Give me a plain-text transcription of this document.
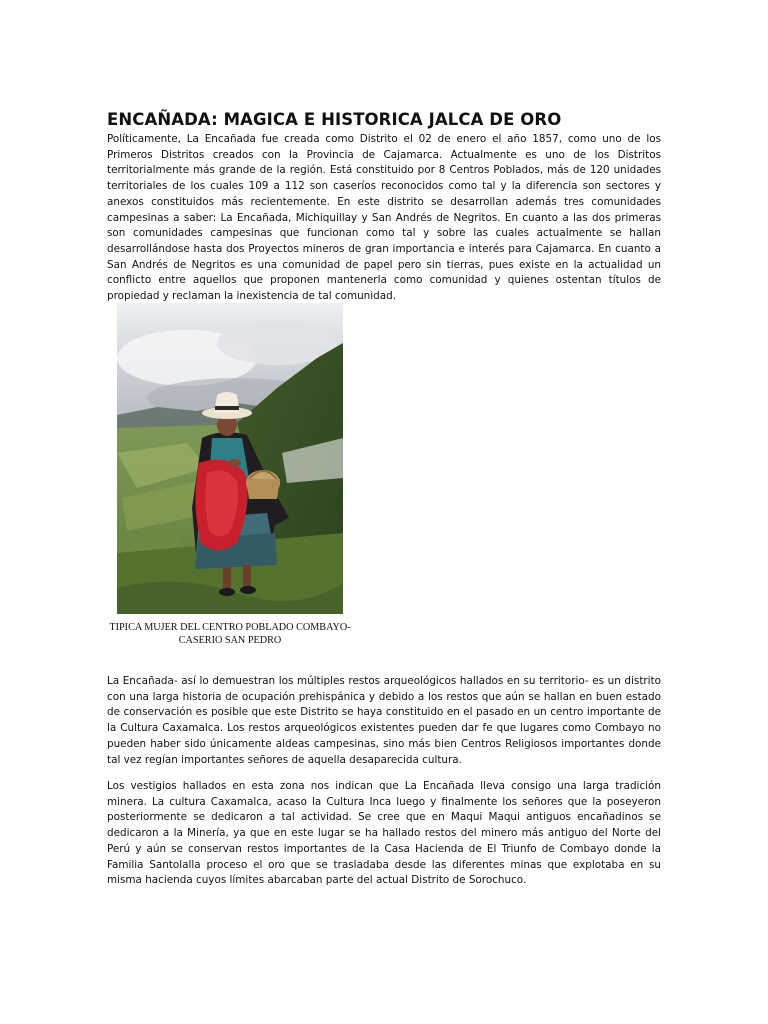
ENCAÑADA: MAGICA E HISTORICA JALCA DE ORO

Políticamente, La Encañada fue creada como Distrito el 02 de enero el año 1857, como uno de los Primeros Distritos creados con la Provincia de Cajamarca. Actualmente es uno de los Distritos territorialmente más grande de la región. Está constituido por 8 Centros Poblados, más de 120 unidades territoriales de los cuales 109 a 112 son caseríos reconocidos como tal y la diferencia son sectores y anexos constituidos más recientemente. En este distrito se desarrollan además tres comunidades campesinas a saber: La Encañada, Michiquillay y San Andrés de Negritos. En cuanto a las dos primeras son comunidades campesinas que funcionan como tal y sobre las cuales actualmente se hallan desarrollándose hasta dos Proyectos mineros de gran importancia e interés para Cajamarca. En cuanto a San Andrés de Negritos es una comunidad de papel pero sin tierras, pues existe en la actualidad un conflicto entre aquellos que proponen mantenerla como comunidad y quienes ostentan títulos de propiedad y reclaman la inexistencia de tal comunidad.

TIPICA MUJER DEL CENTRO POBLADO COMBAYO-CASERIO SAN PEDRO

La Encañada- así lo demuestran los múltiples restos arqueológicos hallados en su territorio- es un distrito con una larga historia de ocupación prehispánica y debido a los restos que aún se hallan en buen estado de conservación es posible que este Distrito se haya constituido en el pasado en un centro importante de la Cultura Caxamalca. Los restos arqueológicos existentes pueden dar fe que lugares como Combayo no pueden haber sido únicamente aldeas campesinas, sino más bien Centros Religiosos importantes donde tal vez regían importantes señores de aquella desaparecida cultura.

Los vestigios hallados en esta zona nos indican que La Encañada lleva consigo una larga tradición minera. La cultura Caxamalca, acaso la Cultura Inca luego y finalmente los señores que la poseyeron posteriormente se dedicaron a tal actividad. Se cree que en Maqui Maqui antiguos encañadinos se dedicaron a la Minería, ya que en este lugar se ha hallado restos del minero más antiguo del Norte del Perú y aún se conservan restos importantes de la Casa Hacienda de El Triunfo de Combayo donde la Familia Santolalla proceso el oro que se trasladaba desde las diferentes minas que explotaba en su misma hacienda cuyos límites abarcaban parte del actual Distrito de Sorochuco.
